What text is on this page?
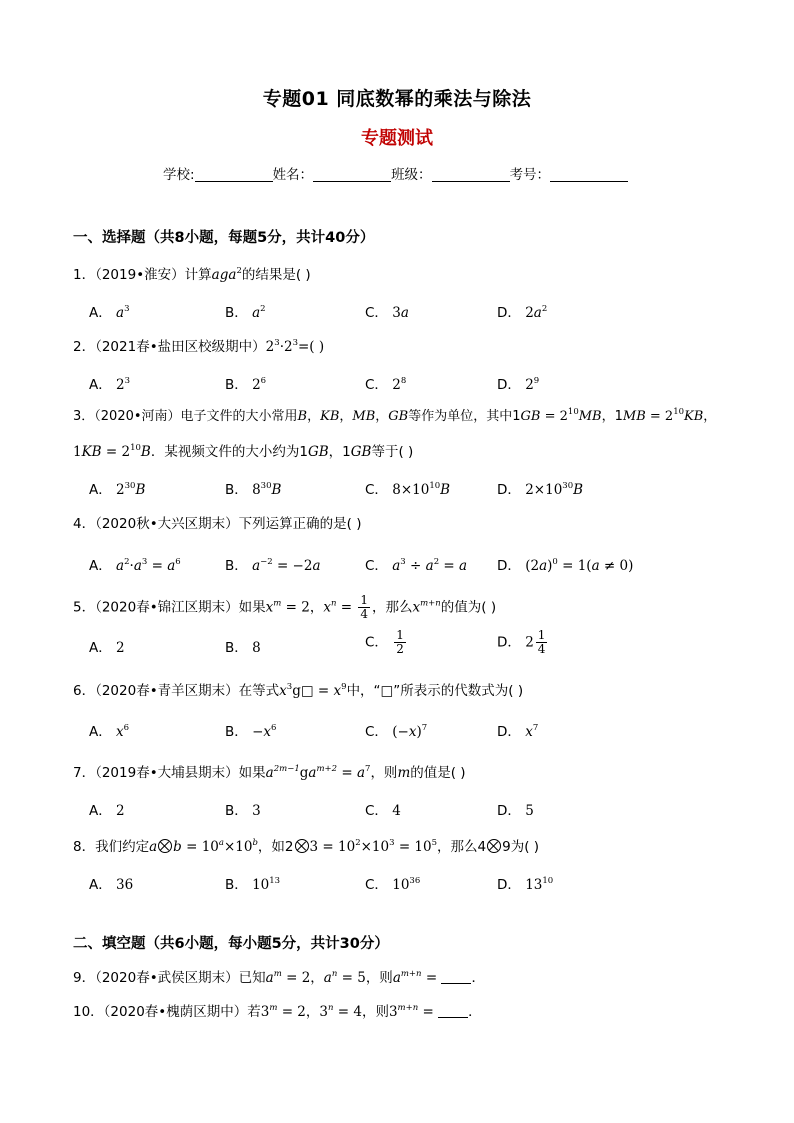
专题01 同底数幂的乘法与除法
专题测试
学校:	姓名：	班级：	考号：
一、选择题（共8小题，每题5分，共计40分）
1．（2019•淮安）计算aga$^2$的结果是( )
A． $a^3$	B． $a^2$	C． 3a	D． $2a^2$
2．（2021春•盐田区校级期中）$2^3\cdot 2^3=$( )
A． $2^3$	B． $2^6$	C． $2^8$	D． $2^9$
3．（2020•河南）电子文件的大小常用B，KB，MB，GB等作为单位，其中$1GB = 2^{10}MB$，$1MB = 2^{10}KB$，
$1KB = 2^{10}B$．某视频文件的大小约为1GB，1GB等于( )
A． $2^{30}B$	B． $8^{30}B$	C． $8\times 10^{10}B$	D． $2\times 10^{30}B$
4．（2020秋•大兴区期末）下列运算正确的是( )
A． $a^2\cdot a^3 = a^6$	B． $a^{-2} = -2a$	C． $a^3 \div a^2 = a$ D． $(2a)^0 = 1(a \ne 0)$
5．（2020春•锦江区期末）如果$x^m = 2$，$x^n = \frac{1}{4}$ ，那么$x^{m+n}$的值为( )
A． 2	B． 8	C． $\frac{1}{2}$	D． $2 \frac{1}{4}$
6．（2020春•青羊区期末）在等式$x^3g□ = x^9$中，“□”所表示的代数式为( )
A． $x^6$	B． $-x^6$	C． $(-x)^7$	D． $x^7$
7．（2019春•大埔县期末）如果$a^{2m-1}ga^{m+2} = a^7$，则m的值是( )
A． 2	B． 3	C． 4	D． 5
8．我们约定a $b = 10^a\times 10^b$，如2 $3 = 10^2\times 10^3 = 10^5$，那么4 9为( )
A． 36	B． $10^{13}$	C． $10^{36}$	D． $13^{10}$
二、填空题（共6小题，每小题5分，共计30分）
9．（2020春•武侯区期末）已知$a^m = 2$，$a^n = 5$，则$a^{m+n}$ = ．
10．（2020春•槐荫区期中）若$3^m = 2$，$3^n = 4$，则$3^{m+n}$ = ．
